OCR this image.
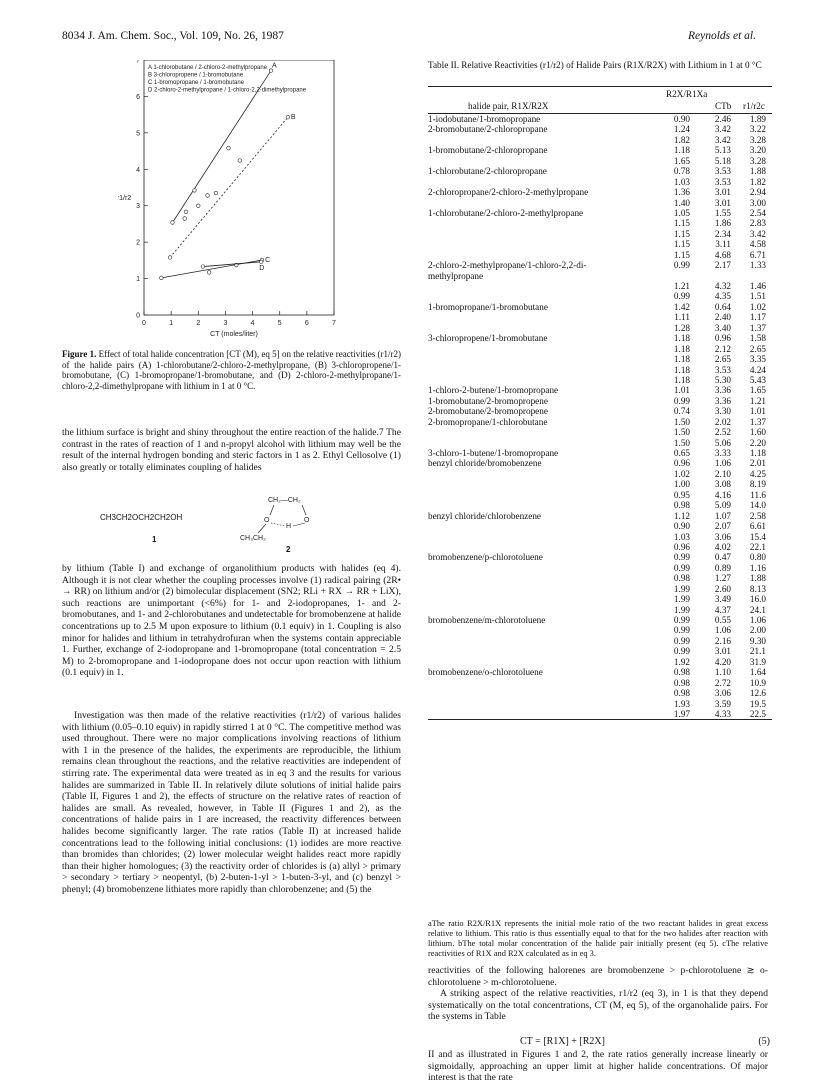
8034 J. Am. Chem. Soc., Vol. 109, No. 26, 1987	Reynolds et al.
A 1-chlorobutane / 2-chloro-2-methylpropane
B 3-chloropropene / 1-bromobutane
C 1-bromopropane / 1-bromobutane
D 2-chloro-2-methylpropane / 1-chloro-2,2-dimethylpropane
0
0
1
1
2
2
3
3
4
4
5
5
6
6
7
7
A
B
C
D
CT (moles/liter)
r1/r2
Figure 1. Effect of total halide concentration [CT (M), eq 5] on the relative reactivities (r1/r2) of the halide pairs (A) 1-chlorobutane/2-chloro-2-methylpropane, (B) 3-chloropropene/1-bromobutane, (C) 1-bromopropane/1-bromobutane, and (D) 2-chloro-2-methylpropane/1-chloro-2,2-dimethylpropane with lithium in 1 at 0 °C.
the lithium surface is bright and shiny throughout the entire reaction of the halide.7 The contrast in the rates of reaction of 1 and n-propyl alcohol with lithium may well be the result of the internal hydrogen bonding and steric factors in 1 as 2. Ethyl Cellosolve (1) also greatly or totally eliminates coupling of halides
CH3CH2OCH2CH2OH
1
CH₂—CH₂
O	O
H
CH₃CH₂
2
by lithium (Table I) and exchange of organolithium products with halides (eq 4). Although it is not clear whether the coupling processes involve (1) radical pairing (2R• → RR) on lithium and/or (2) bimolecular displacement (SN2; RLi + RX → RR + LiX), such reactions are unimportant (<6%) for 1- and 2-iodopropanes, 1- and 2-bromobutanes, and 1- and 2-chlorobutanes and undetectable for bromobenzene at halide concentrations up to 2.5 M upon exposure to lithium (0.1 equiv) in 1. Coupling is also minor for halides and lithium in tetrahydrofuran when the systems contain appreciable 1. Further, exchange of 2-iodopropane and 1-bromopropane (total concentration = 2.5 M) to 2-bromopropane and 1-iodopropane does not occur upon reaction with lithium (0.1 equiv) in 1.
Investigation was then made of the relative reactivities (r1/r2) of various halides with lithium (0.05–0.10 equiv) in rapidly stirred 1 at 0 °C. The competitive method was used throughout. There were no major complications involving reactions of lithium with 1 in the presence of the halides, the experiments are reproducible, the lithium remains clean throughout the reactions, and the relative reactivities are independent of stirring rate. The experimental data were treated as in eq 3 and the results for various halides are summarized in Table II. In relatively dilute solutions of initial halide pairs (Table II, Figures 1 and 2), the effects of structure on the relative rates of reaction of halides are small. As revealed, however, in Table II (Figures 1 and 2), as the concentrations of halide pairs in 1 are increased, the reactivity differences between halides become significantly larger. The rate ratios (Table II) at increased halide concentrations lead to the following initial conclusions: (1) iodides are more reactive than bromides than chlorides; (2) lower molecular weight halides react more rapidly than their higher homologues; (3) the reactivity order of chlorides is (a) allyl > primary > secondary > tertiary > neopentyl, (b) 2-buten-1-yl > 1-buten-3-yl, and (c) benzyl > phenyl; (4) bromobenzene lithiates more rapidly than chlorobenzene; and (5) the
Table II. Relative Reactivities (r1/r2) of Halide Pairs (R1X/R2X) with Lithium in 1 at 0 °C
halide pair, R1X/R2X
R2X/R1Xa
CTb r1/r2c
1-iodobutane/1-bromopropane	0.90	2.46	1.89
2-bromobutane/2-chloropropane	1.24	3.42	3.22
1.82	3.42	3.28
1-bromobutane/2-chloropropane	1.18	5.13	3.20
1.65	5.18	3.28
1-chlorobutane/2-chloropropane	0.78	3.53	1.88
1.03	3.53	1.82
2-chloropropane/2-chloro-2-methylpropane	1.36	3.01	2.94
1.40	3.01	3.00
1-chlorobutane/2-chloro-2-methylpropane	1.05	1.55	2.54
1.15	1.86	2.83
1.15	2.34	3.42
1.15	3.11	4.58
1.15	4.68	6.71
2-chloro-2-methylpropane/1-chloro-2,2-di-	0.99	2.17	1.33
methylpropane
1.21	4.32	1.46
0.99	4.35	1.51
1-bromopropane/1-bromobutane	1.42	0.64	1.02
1.11	2.40	1.17
1.28	3.40	1.37
3-chloropropene/1-bromobutane	1.18	0.96	1.58
1.18	2.12	2.65
1.18	2.65	3.35
1.18	3.53	4.24
1.18	5.30	5.43
1-chloro-2-butene/1-bromopropane	1.01	3.36	1.65
1-bromobutane/2-bromopropene	0.99	3.36	1.21
2-bromobutane/2-bromopropene	0.74	3.30	1.01
2-bromopropane/1-chlorobutane	1.50	2.02	1.37
1.50	2.52	1.60
1.50	5.06	2.20
3-chloro-1-butene/1-bromopropane	0.65	3.33	1.18
benzyl chloride/bromobenzene	0.96	1.06	2.01
1.02	2.10	4.25
1.00	3.08	8.19
0.95	4.16	11.6
0.98	5.09	14.0
benzyl chloride/chlorobenzene	1.12	1.07	2.58
0.90	2.07	6.61
1.03	3.06	15.4
0.96	4.02	22.1
bromobenzene/p-chlorotoluene	0.99	0.47	0.80
0.99	0.89	1.16
0.98	1.27	1.88
1.99	2.60	8.13
1.99	3.49	16.0
1.99	4.37	24.1
bromobenzene/m-chlorotoluene	0.99	0.55	1.06
0.99	1.06	2.00
0.99	2.16	9.30
0.99	3.01	21.1
1.92	4.20	31.9
bromobenzene/o-chlorotoluene	0.98	1.10	1.64
0.98	2.72	10.9
0.98	3.06	12.6
1.93	3.59	19.5
1.97	4.33	22.5
aThe ratio R2X/R1X represents the initial mole ratio of the two reactant halides in great excess relative to lithium. This ratio is thus essentially equal to that for the two halides after reaction with lithium. bThe total molar concentration of the halide pair initially present (eq 5). cThe relative reactivities of R1X and R2X calculated as in eq 3.
reactivities of the following halorenes are bromobenzene > p-chlorotoluene ≳ o-chlorotoluene > m-chlorotoluene.
A striking aspect of the relative reactivities, r1/r2 (eq 3), in 1 is that they depend systematically on the total concentrations, CT (M, eq 5), of the organohalide pairs. For the systems in Table
CT = [R1X] + [R2X]	(5)
II and as illustrated in Figures 1 and 2, the rate ratios generally increase linearly or sigmoidally, approaching an upper limit at higher halide concentrations. Of major interest is that the rate
